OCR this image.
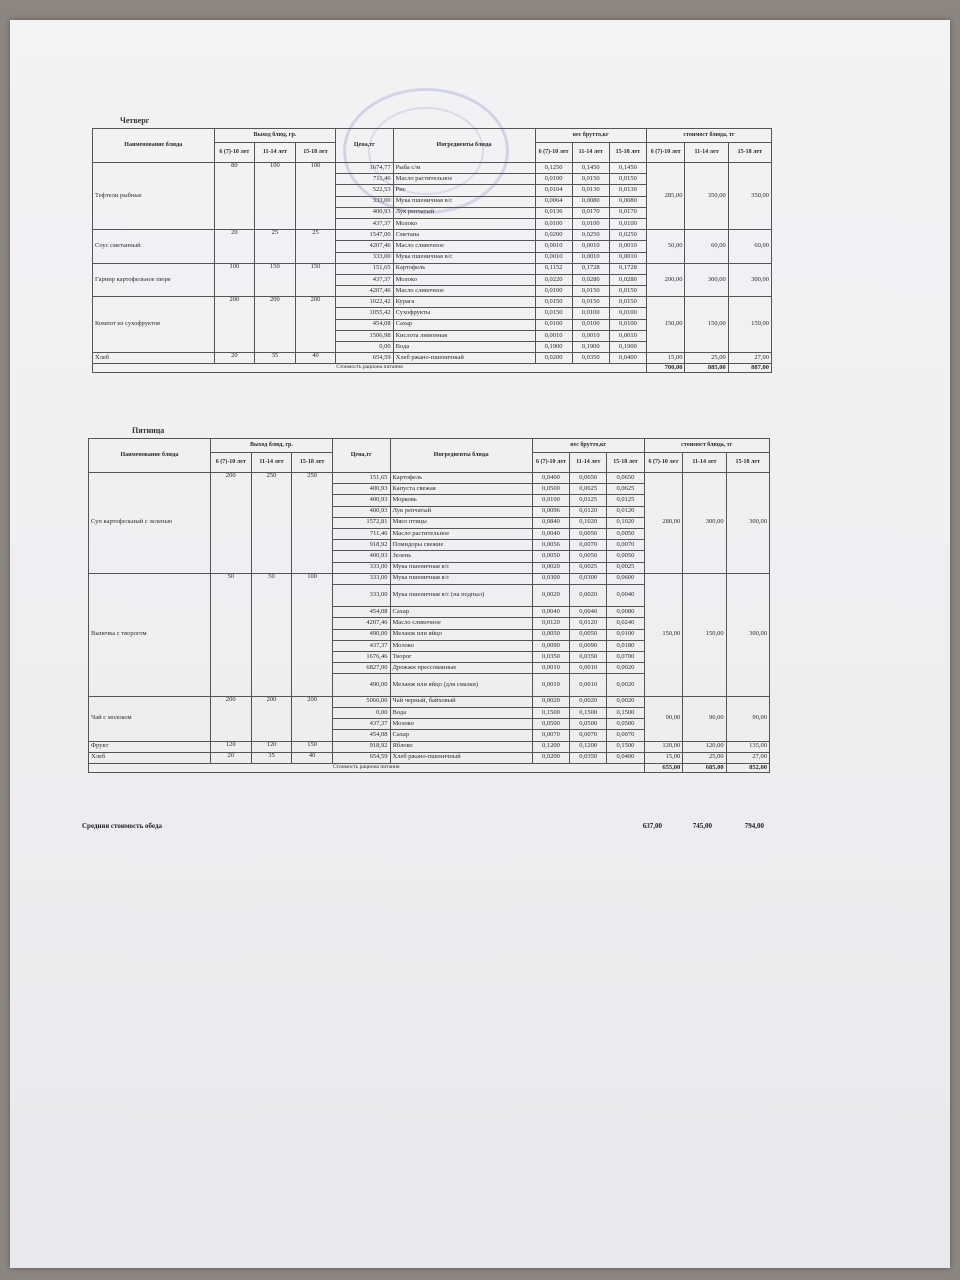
Четверг
Наименование блюда	Выход блюд, гр.			Цена,тг	Ингредиенты блюда	вес брутто,кг			стоимост блюда, тг		
	6 (7)-10 лет	11-14 лет	15-18 лет			6 (7)-10 лет	11-14 лет	15-18 лет	6 (7)-10 лет	11-14 лет	15-18 лет
Тефтели рыбные	80	100	100	1674,77	Рыба с/м	0,1250	0,1450	0,1450	285,00	350,00	350,00
				711,46	Масло растительное	0,0100	0,0150	0,0150			
				522,53	Рис	0,0104	0,0130	0,0130			
				333,00	Мука пшеничная в/с	0,0064	0,0080	0,0080			
				400,93	Лук репчатый	0,0136	0,0170	0,0170			
				437,37	Молоко	0,0100	0,0100	0,0100			
Соус сметанный	20	25	25	1547,00	Сметана	0,0200	0,0250	0,0250	50,00	60,00	60,00
				4207,46	Масло сливочное	0,0010	0,0010	0,0010			
				333,00	Мука пшеничная в/с	0,0010	0,0010	0,0010			
Гарнир картофельное пюре	100	150	150	151,65	Картофель	0,1152	0,1728	0,1728	200,00	300,00	300,00
				437,37	Молоко	0,0220	0,0280	0,0280			
				4207,46	Масло сливочное	0,0100	0,0150	0,0150			
Компот из сухофруктов	200	200	200	1022,42	Курага	0,0150	0,0150	0,0150	150,00	150,00	150,00
				1055,42	Сухофрукты	0,0150	0,0100	0,0100			
				454,08	Сахар	0,0100	0,0100	0,0100			
				1506,98	Кислота лимонная	0,0010	0,0010	0,0010			
				0,00	Вода	0,1900	0,1900	0,1900			
Хлеб	20	35	40	654,59	Хлеб ржано-пшеничный	0,0200	0,0350	0,0400	15,00	25,00	27,00
Стоимость рациона питания									700,00	885,00	887,00
Пятница
Наименование блюда	Выход блюд, гр.			Цена,тг	Ингредиенты блюда	вес брутто,кг			стоимост блюда, тг		
	6 (7)-10 лет	11-14 лет	15-18 лет			6 (7)-10 лет	11-14 лет	15-18 лет	6 (7)-10 лет	11-14 лет	15-18 лет
Суп картофельный с зеленью	200	250	250	151,65	Картофель	0,0400	0,0650	0,0650	280,00	300,00	300,00
				400,93	Капуста свежая	0,0500	0,0625	0,0625			
				400,93	Морковь	0,0100	0,0125	0,0125			
				400,93	Лук репчатый	0,0096	0,0120	0,0120			
				1572,81	Мясо птицы	0,0840	0,1020	0,1020			
				711,46	Масло растительное	0,0040	0,0050	0,0050			
				918,92	Помидоры свежие	0,0056	0,0070	0,0070			
				400,93	Зелень	0,0050	0,0050	0,0050			
				333,00	Мука пшеничная в/с	0,0020	0,0025	0,0025			
Выпечка с творогом	50	50	100	333,00	Мука пшеничная в/с	0,0300	0,0300	0,0600	150,00	150,00	300,00
				333,00	Мука пшеничная в/с (на подпыл)	0,0020	0,0020	0,0040			
				454,08	Сахар	0,0040	0,0040	0,0080			
				4207,46	Масло сливочное	0,0120	0,0120	0,0240			
				490,00	Меланж или яйцо	0,0050	0,0050	0,0100			
				437,37	Молоко	0,0090	0,0090	0,0180			
				1676,46	Творог	0,0350	0,0350	0,0700			
				6827,00	Дрожжи прессованные	0,0010	0,0010	0,0020			
				490,00	Меланж или яйцо (для смазки)	0,0010	0,0010	0,0020			
Чай с молоком	200	200	200	5066,00	Чай черный, байховый	0,0020	0,0020	0,0020	90,00	90,00	90,00
				0,00	Вода	0,1500	0,1500	0,1500			
				437,37	Молоко	0,0500	0,0500	0,0500			
				454,08	Сахар	0,0070	0,0070	0,0070			
Фрукт	120	120	150	918,92	Яблоко	0,1200	0,1200	0,1500	120,00	120,00	135,00
Хлеб	20	35	40	654,59	Хлеб ржано-пшеничный	0,0200	0,0350	0,0400	15,00	25,00	27,00
Стоимость рациона питания									655,00	685,00	852,00
Средняя стоимость обеда	637,00	745,00	794,00
